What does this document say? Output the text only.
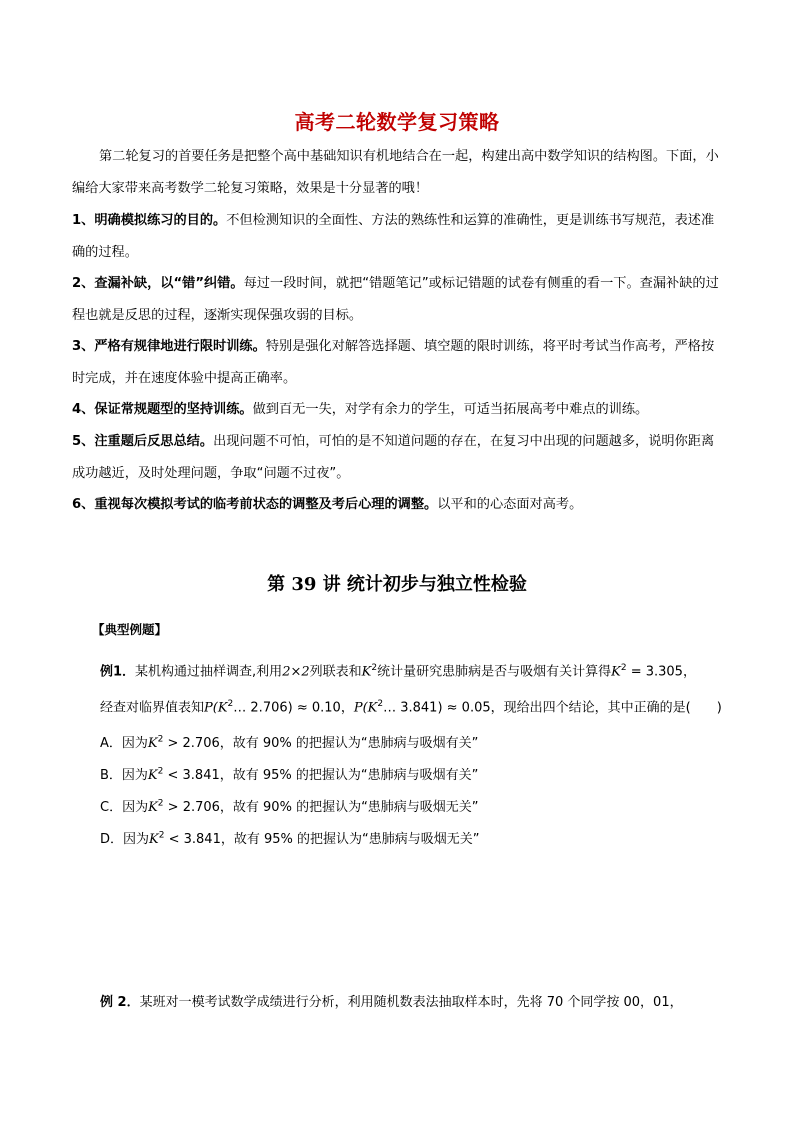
高考二轮数学复习策略
第二轮复习的首要任务是把整个高中基础知识有机地结合在一起，构建出高中数学知识的结构图。下面，小编给大家带来高考数学二轮复习策略，效果是十分显著的哦！
1、明确模拟练习的目的。不但检测知识的全面性、方法的熟练性和运算的准确性，更是训练书写规范，表述准确的过程。
2、查漏补缺，以“错”纠错。每过一段时间，就把“错题笔记”或标记错题的试卷有侧重的看一下。查漏补缺的过程也就是反思的过程，逐渐实现保强攻弱的目标。
3、严格有规律地进行限时训练。特别是强化对解答选择题、填空题的限时训练，将平时考试当作高考，严格按时完成，并在速度体验中提高正确率。
4、保证常规题型的坚持训练。做到百无一失，对学有余力的学生，可适当拓展高考中难点的训练。
5、注重题后反思总结。出现问题不可怕，可怕的是不知道问题的存在，在复习中出现的问题越多，说明你距离成功越近，及时处理问题，争取“问题不过夜”。
6、重视每次模拟考试的临考前状态的调整及考后心理的调整。以平和的心态面对高考。
第 39 讲 统计初步与独立性检验
【典型例题】
例1．某机构通过抽样调查,利用2×2列联表和$K^2$统计量研究患肺病是否与吸烟有关计算得$K^2 = 3.305$，
经查对临界值表知$P(K^2\dots$ 2.706) ≈ 0.10，$P(K^2\dots$ 3.841) ≈ 0.05，现给出四个结论，其中正确的是(　　)
A．因为$K^2 > 2.706$，故有 90% 的把握认为“患肺病与吸烟有关”
B．因为$K^2 < 3.841$，故有 95% 的把握认为“患肺病与吸烟有关”
C．因为$K^2 > 2.706$，故有 90% 的把握认为“患肺病与吸烟无关”
D．因为$K^2 < 3.841$，故有 95% 的把握认为“患肺病与吸烟无关”
例 2．某班对一模考试数学成绩进行分析，利用随机数表法抽取样本时，先将 70 个同学按 00，01，
